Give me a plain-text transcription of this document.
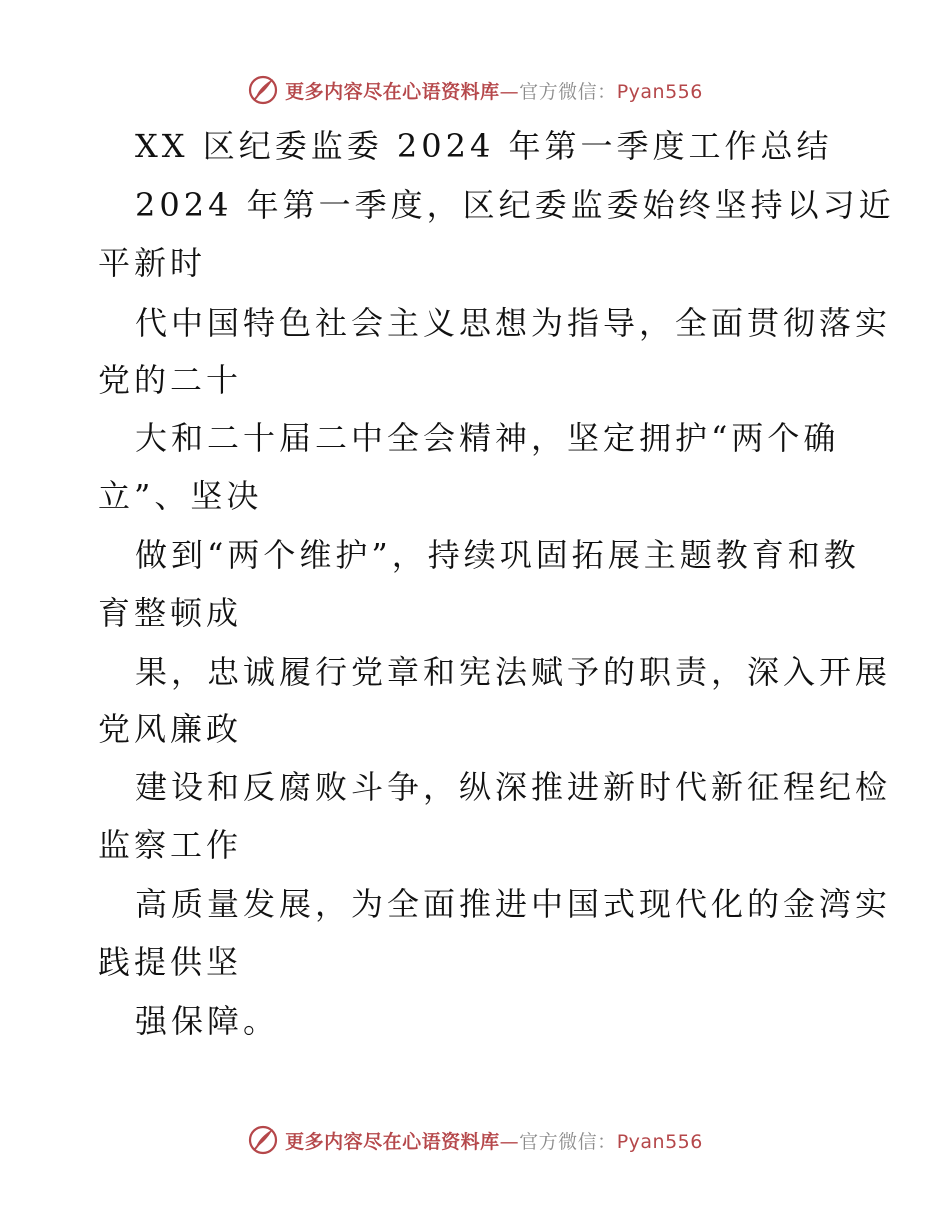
更多内容尽在心语资料库—官方微信：Pyan556
XX 区纪委监委 2024 年第一季度工作总结
2024 年第一季度，区纪委监委始终坚持以习近
平新时
代中国特色社会主义思想为指导，全面贯彻落实
党的二十
大和二十届二中全会精神，坚定拥护“两个确
立”、坚决
做到“两个维护”，持续巩固拓展主题教育和教
育整顿成
果，忠诚履行党章和宪法赋予的职责，深入开展
党风廉政
建设和反腐败斗争，纵深推进新时代新征程纪检
监察工作
高质量发展，为全面推进中国式现代化的金湾实
践提供坚
强保障。
更多内容尽在心语资料库—官方微信：Pyan556
